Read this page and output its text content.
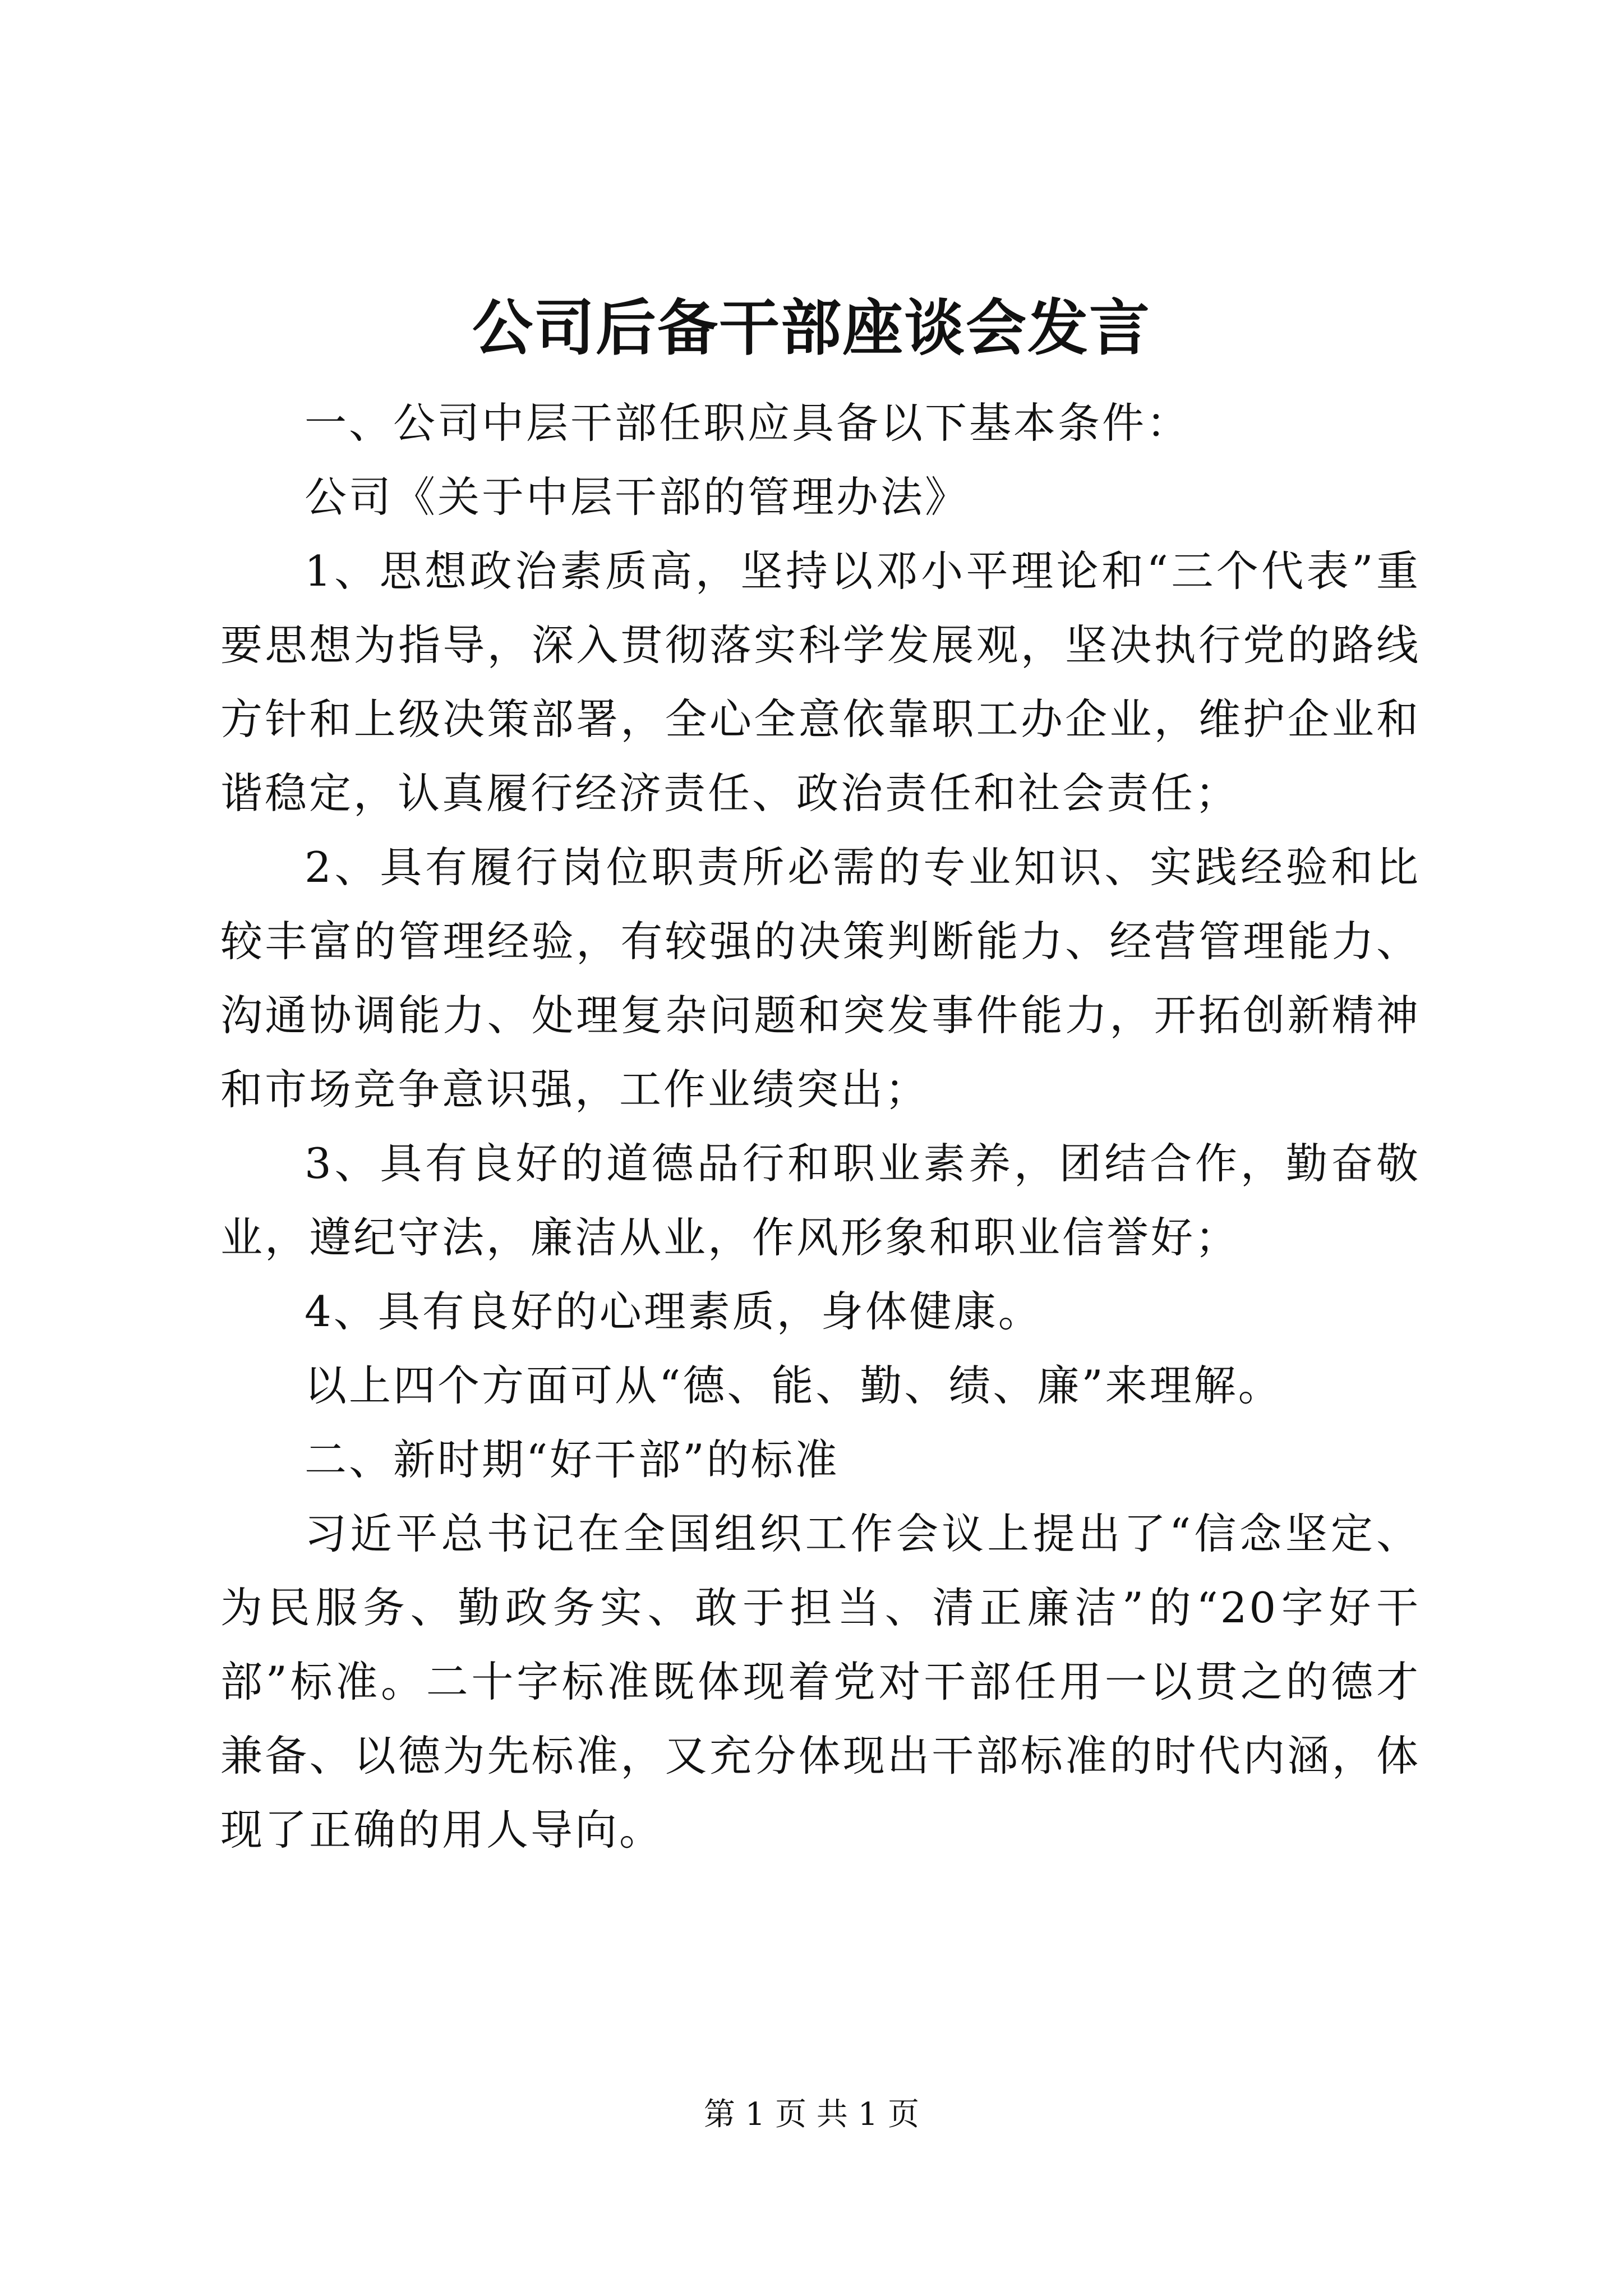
公司后备干部座谈会发言

一、公司中层干部任职应具备以下基本条件：

公司《关于中层干部的管理办法》

1、思想政治素质高，坚持以邓小平理论和“三个代表”重要思想为指导，深入贯彻落实科学发展观，坚决执行党的路线方针和上级决策部署，全心全意依靠职工办企业，维护企业和谐稳定，认真履行经济责任、政治责任和社会责任；

2、具有履行岗位职责所必需的专业知识、实践经验和比较丰富的管理经验，有较强的决策判断能力、经营管理能力、沟通协调能力、处理复杂问题和突发事件能力，开拓创新精神和市场竞争意识强，工作业绩突出；

3、具有良好的道德品行和职业素养，团结合作，勤奋敬业，遵纪守法，廉洁从业，作风形象和职业信誉好；

4、具有良好的心理素质，身体健康。

以上四个方面可从“德、能、勤、绩、廉”来理解。

二、新时期“好干部”的标准

习近平总书记在全国组织工作会议上提出了“信念坚定、为民服务、勤政务实、敢于担当、清正廉洁”的“20字好干部”标准。二十字标准既体现着党对干部任用一以贯之的德才兼备、以德为先标准，又充分体现出干部标准的时代内涵，体现了正确的用人导向。

第 1 页 共 1 页
